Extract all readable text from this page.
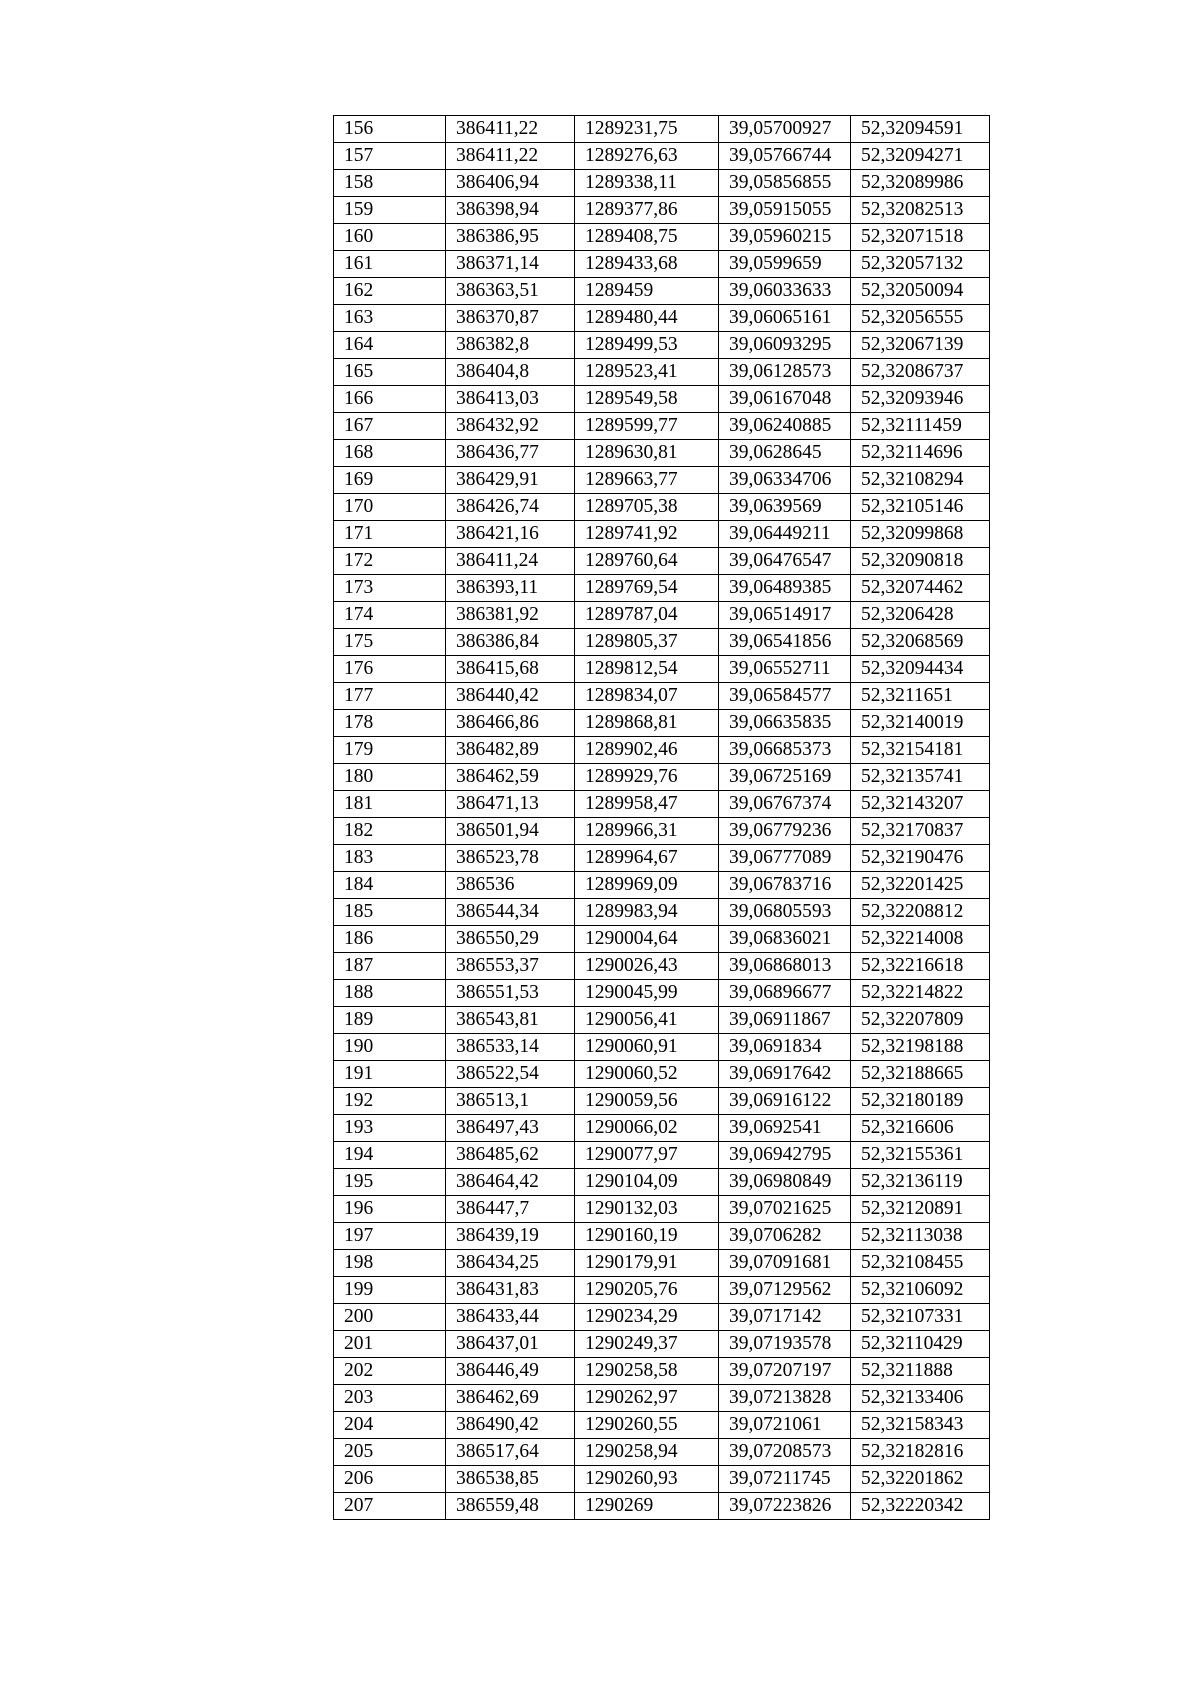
156	386411,22	1289231,75	39,05700927	52,32094591
157	386411,22	1289276,63	39,05766744	52,32094271
158	386406,94	1289338,11	39,05856855	52,32089986
159	386398,94	1289377,86	39,05915055	52,32082513
160	386386,95	1289408,75	39,05960215	52,32071518
161	386371,14	1289433,68	39,0599659	52,32057132
162	386363,51	1289459	39,06033633	52,32050094
163	386370,87	1289480,44	39,06065161	52,32056555
164	386382,8	1289499,53	39,06093295	52,32067139
165	386404,8	1289523,41	39,06128573	52,32086737
166	386413,03	1289549,58	39,06167048	52,32093946
167	386432,92	1289599,77	39,06240885	52,32111459
168	386436,77	1289630,81	39,0628645	52,32114696
169	386429,91	1289663,77	39,06334706	52,32108294
170	386426,74	1289705,38	39,0639569	52,32105146
171	386421,16	1289741,92	39,06449211	52,32099868
172	386411,24	1289760,64	39,06476547	52,32090818
173	386393,11	1289769,54	39,06489385	52,32074462
174	386381,92	1289787,04	39,06514917	52,3206428
175	386386,84	1289805,37	39,06541856	52,32068569
176	386415,68	1289812,54	39,06552711	52,32094434
177	386440,42	1289834,07	39,06584577	52,3211651
178	386466,86	1289868,81	39,06635835	52,32140019
179	386482,89	1289902,46	39,06685373	52,32154181
180	386462,59	1289929,76	39,06725169	52,32135741
181	386471,13	1289958,47	39,06767374	52,32143207
182	386501,94	1289966,31	39,06779236	52,32170837
183	386523,78	1289964,67	39,06777089	52,32190476
184	386536	1289969,09	39,06783716	52,32201425
185	386544,34	1289983,94	39,06805593	52,32208812
186	386550,29	1290004,64	39,06836021	52,32214008
187	386553,37	1290026,43	39,06868013	52,32216618
188	386551,53	1290045,99	39,06896677	52,32214822
189	386543,81	1290056,41	39,06911867	52,32207809
190	386533,14	1290060,91	39,0691834	52,32198188
191	386522,54	1290060,52	39,06917642	52,32188665
192	386513,1	1290059,56	39,06916122	52,32180189
193	386497,43	1290066,02	39,0692541	52,3216606
194	386485,62	1290077,97	39,06942795	52,32155361
195	386464,42	1290104,09	39,06980849	52,32136119
196	386447,7	1290132,03	39,07021625	52,32120891
197	386439,19	1290160,19	39,0706282	52,32113038
198	386434,25	1290179,91	39,07091681	52,32108455
199	386431,83	1290205,76	39,07129562	52,32106092
200	386433,44	1290234,29	39,0717142	52,32107331
201	386437,01	1290249,37	39,07193578	52,32110429
202	386446,49	1290258,58	39,07207197	52,3211888
203	386462,69	1290262,97	39,07213828	52,32133406
204	386490,42	1290260,55	39,0721061	52,32158343
205	386517,64	1290258,94	39,07208573	52,32182816
206	386538,85	1290260,93	39,07211745	52,32201862
207	386559,48	1290269	39,07223826	52,32220342
